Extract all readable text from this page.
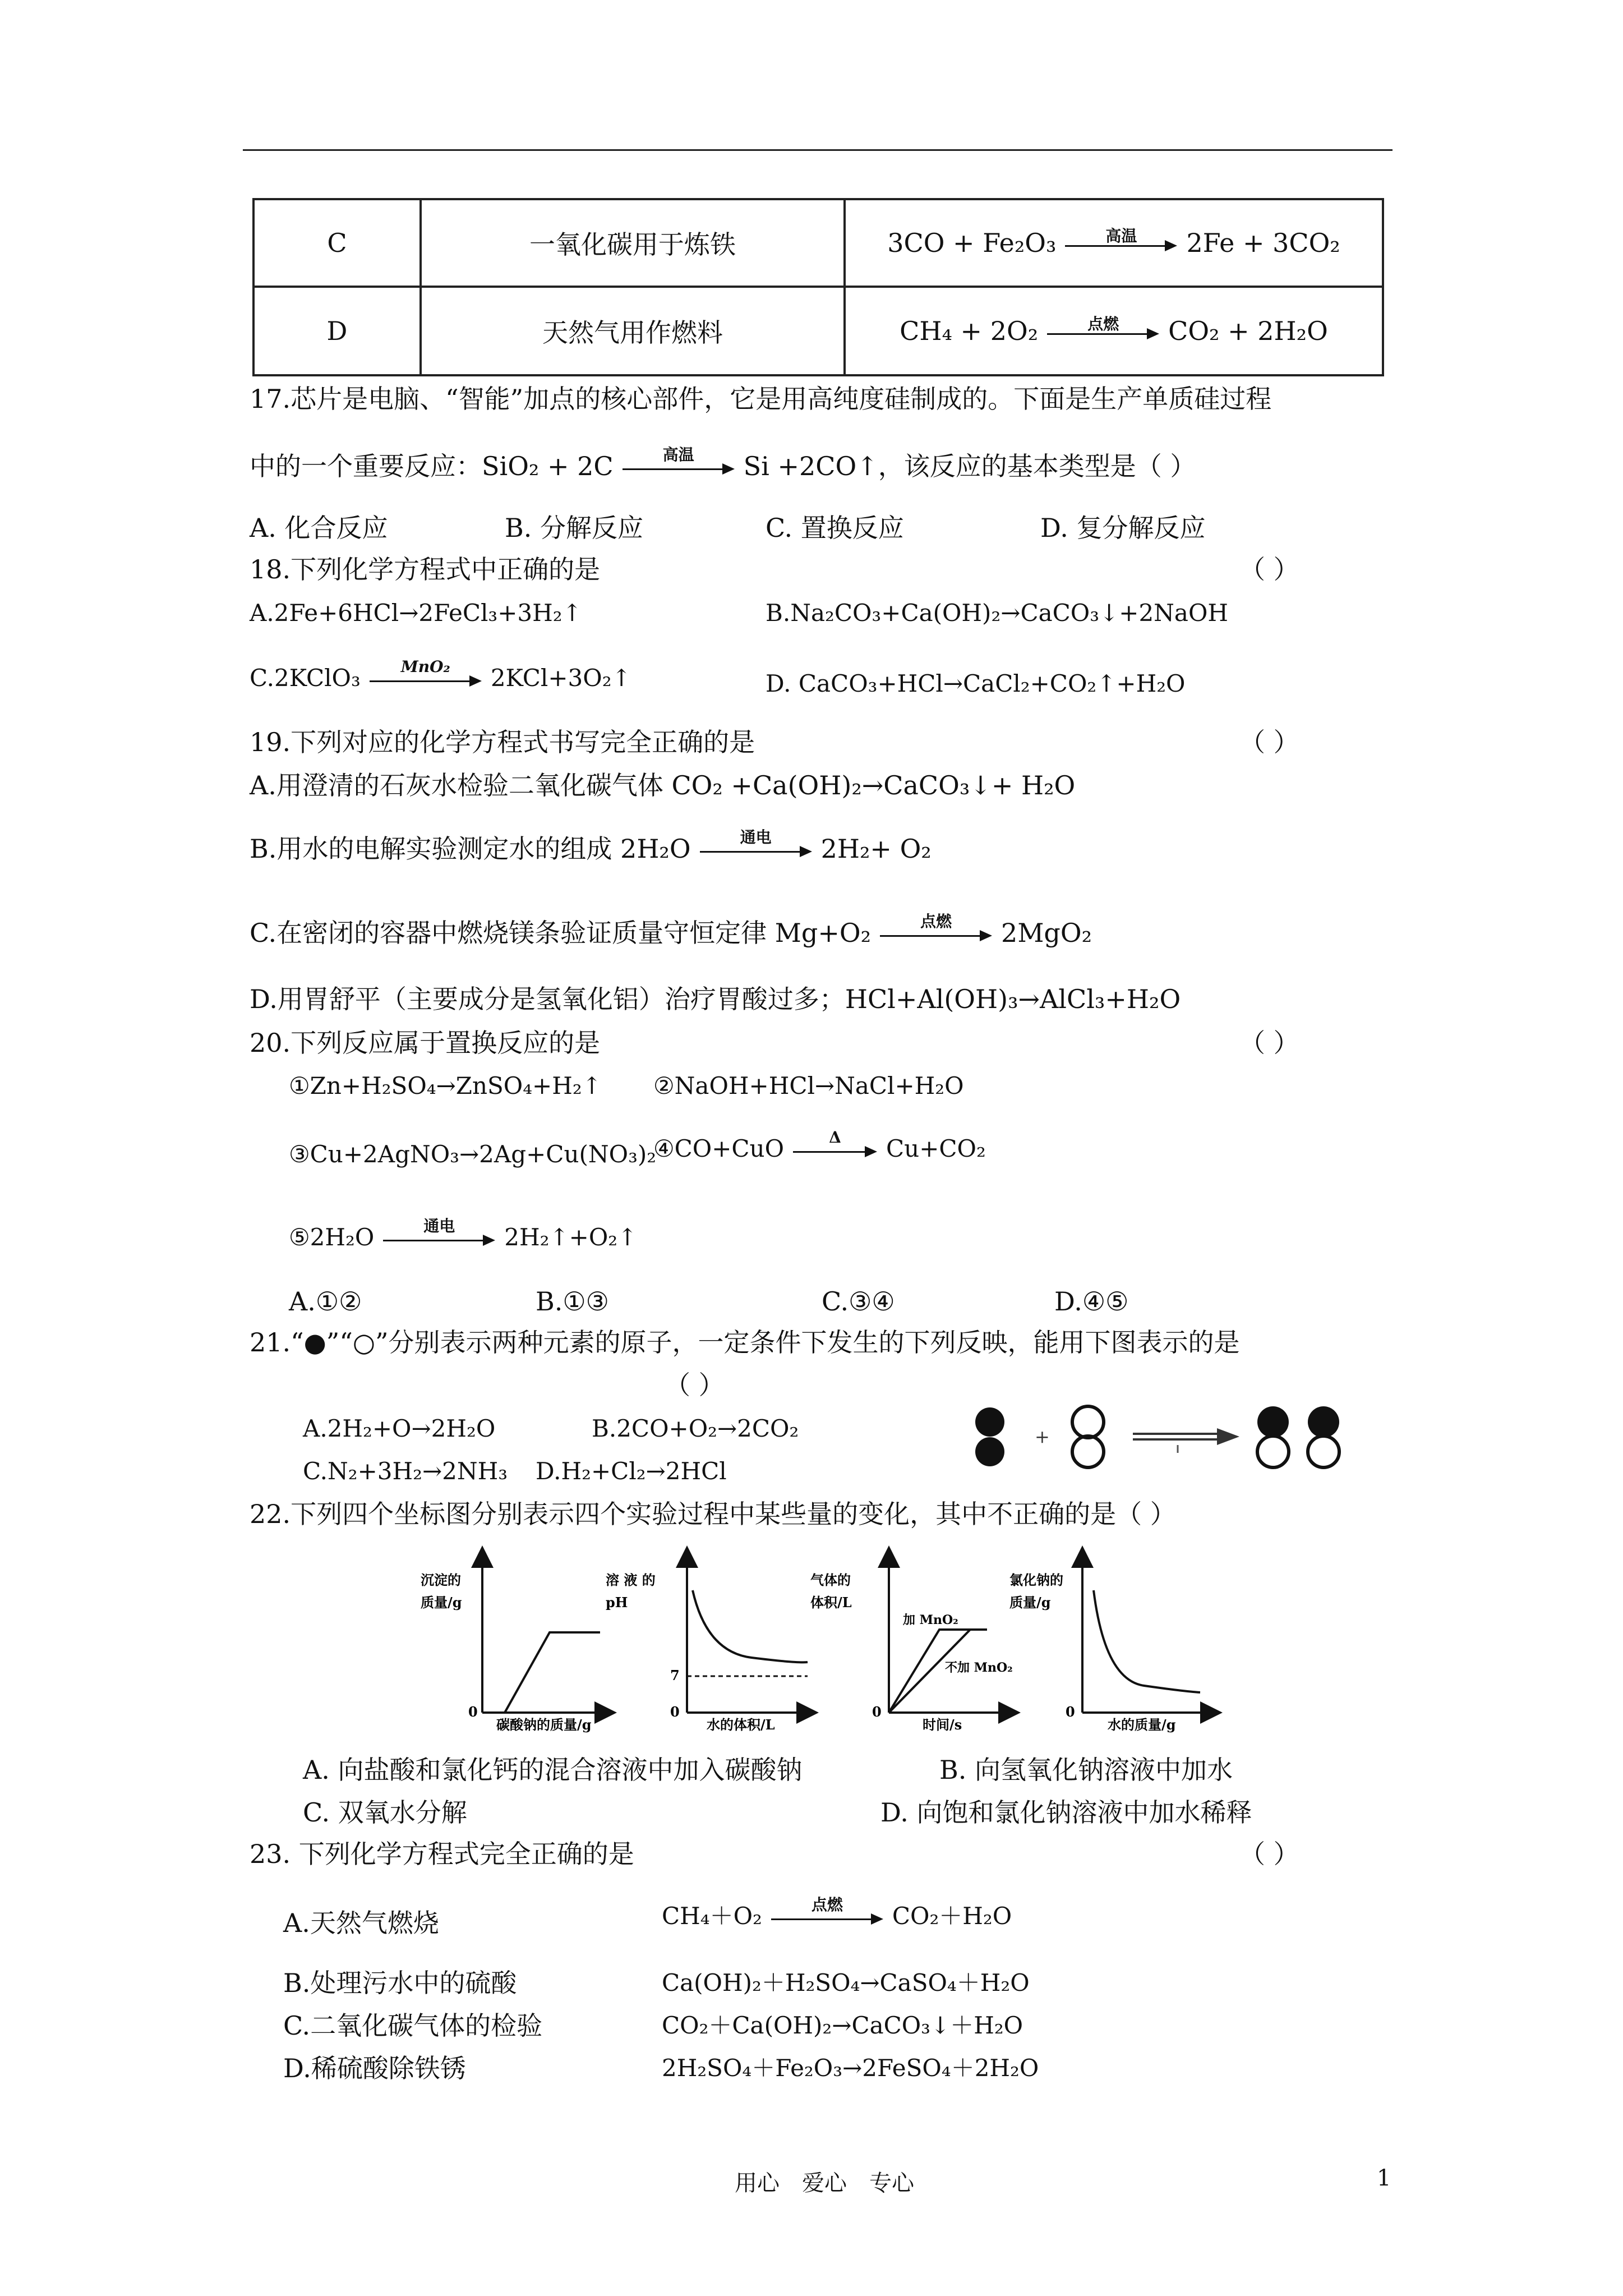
C	一氧化碳用于炼铁	3CO + Fe₂O₃ 高温 2Fe + 3CO₂

D	天然气用作燃料	CH₄ + 2O₂ 点燃 CO₂ + 2H₂O
17.芯片是电脑、“智能”加点的核心部件，它是用高纯度硅制成的。下面是生产单质硅过程
中的一个重要反应：SiO₂ + 2C	高温	Si +2CO↑，该反应的基本类型是（ ）
A. 化合反应	B. 分解反应	C. 置换反应	D. 复分解反应
18.下列化学方程式中正确的是	（ ）
A.2Fe+6HCl→2FeCl₃+3H₂↑	B.Na₂CO₃+Ca(OH)₂→CaCO₃↓+2NaOH
C.2KClO₃	MnO₂	2KCl+3O₂↑	D. CaCO₃+HCl→CaCl₂+CO₂↑+H₂O
19.下列对应的化学方程式书写完全正确的是	（ ）
A.用澄清的石灰水检验二氧化碳气体 CO₂ +Ca(OH)₂→CaCO₃↓+ H₂O
B.用水的电解实验测定水的组成 2H₂O	通电	2H₂+ O₂
C.在密闭的容器中燃烧镁条验证质量守恒定律 Mg+O₂	点燃	2MgO₂
D.用胃舒平（主要成分是氢氧化铝）治疗胃酸过多；HCl+Al(OH)₃→AlCl₃+H₂O
20.下列反应属于置换反应的是	（ ）
①Zn+H₂SO₄→ZnSO₄+H₂↑ ②NaOH+HCl→NaCl+H₂O
③Cu+2AgNO₃→2Ag+Cu(NO₃)₂
④CO+CuO	Δ	Cu+CO₂
⑤2H₂O	通电	2H₂↑+O₂↑
A.①②	B.①③	C.③④	D.④⑤
21.“●”“○”分别表示两种元素的原子，一定条件下发生的下列反映，能用下图表示的是
（ ）
A.2H₂+O→2H₂O	B.2CO+O₂→2CO₂
C.N₂+3H₂→2NH₃ D.H₂+Cl₂→2HCl
+
22.下列四个坐标图分别表示四个实验过程中某些量的变化，其中不正确的是（ ）
沉淀的
质量/g
0
碳酸钠的质量/g
溶 液 的
pH
7
0
水的体积/L
气体的
体积/L
加 MnO₂
不加 MnO₂
0
时间/s
氯化钠的
质量/g
0
水的质量/g
A. 向盐酸和氯化钙的混合溶液中加入碳酸钠	B. 向氢氧化钠溶液中加水
C. 双氧水分解	D. 向饱和氯化钠溶液中加水稀释
23. 下列化学方程式完全正确的是	（ ）
A.天然气燃烧	CH₄＋O₂	点燃	CO₂＋H₂O
B.处理污水中的硫酸	Ca(OH)₂＋H₂SO₄→CaSO₄＋H₂O
C.二氧化碳气体的检验	CO₂＋Ca(OH)₂→CaCO₃↓＋H₂O
D.稀硫酸除铁锈	2H₂SO₄＋Fe₂O₃→2FeSO₄＋2H₂O
用心　爱心　专心	1
